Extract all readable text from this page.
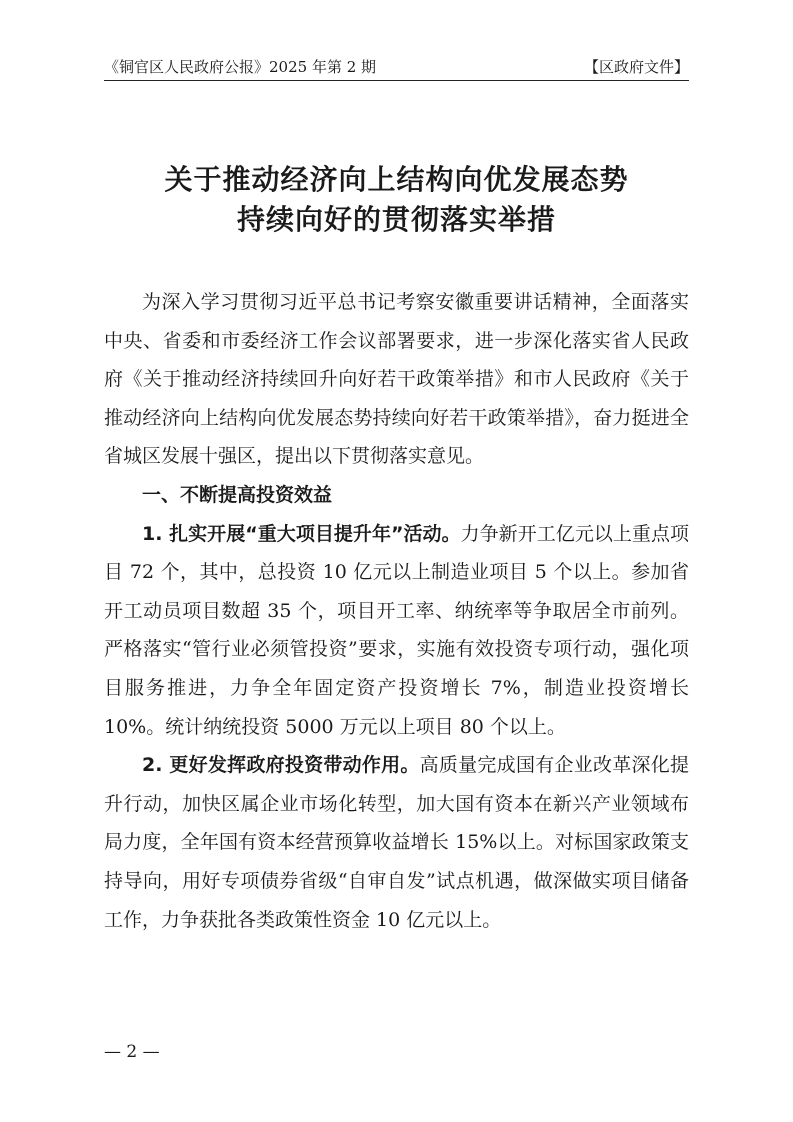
《铜官区人民政府公报》2025 年第 2 期	【区政府文件】
关于推动经济向上结构向优发展态势
持续向好的贯彻落实举措

为深入学习贯彻习近平总书记考察安徽重要讲话精神，全面落实中央、省委和市委经济工作会议部署要求，进一步深化落实省人民政府《关于推动经济持续回升向好若干政策举措》和市人民政府《关于推动经济向上结构向优发展态势持续向好若干政策举措》，奋力挺进全省城区发展十强区，提出以下贯彻落实意见。

一、不断提高投资效益

1. 扎实开展“重大项目提升年”活动。力争新开工亿元以上重点项目 72 个，其中，总投资 10 亿元以上制造业项目 5 个以上。参加省开工动员项目数超 35 个，项目开工率、纳统率等争取居全市前列。严格落实“管行业必须管投资”要求，实施有效投资专项行动，强化项目服务推进，力争全年固定资产投资增长 7%，制造业投资增长 10%。统计纳统投资 5000 万元以上项目 80 个以上。

2. 更好发挥政府投资带动作用。高质量完成国有企业改革深化提升行动，加快区属企业市场化转型，加大国有资本在新兴产业领域布局力度，全年国有资本经营预算收益增长 15%以上。对标国家政策支持导向，用好专项债券省级“自审自发”试点机遇，做深做实项目储备工作，力争获批各类政策性资金 10 亿元以上。

— 2 —
